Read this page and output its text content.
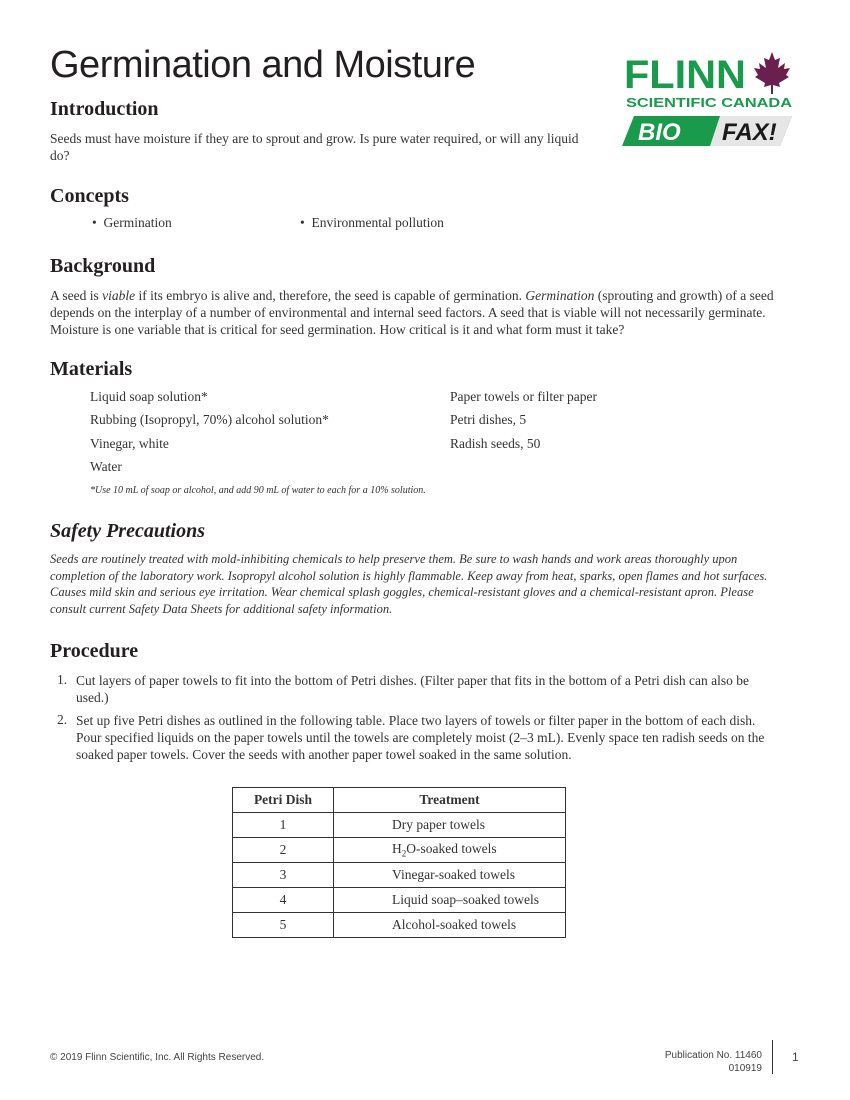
Germination and Moisture	FLINN
SCIENTIFIC CANADA
BIO FAX!
Introduction

Seeds must have moisture if they are to sprout and grow. Is pure water required, or will any liquid do?

Concepts
•  Germination	•  Environmental pollution
Background

A seed is viable if its embryo is alive and, therefore, the seed is capable of germination. Germination (sprouting and growth) of a seed depends on the interplay of a number of environmental and internal seed factors. A seed that is viable will not necessarily germinate. Moisture is one variable that is critical for seed germination. How critical is it and what form must it take?

Materials
Liquid soap solution*
Rubbing (Isopropyl, 70%) alcohol solution*
Vinegar, white
Water
Paper towels or filter paper
Petri dishes, 5
Radish seeds, 50
*Use 10 mL of soap or alcohol, and add 90 mL of water to each for a 10% solution.
Safety Precautions

Seeds are routinely treated with mold-inhibiting chemicals to help preserve them. Be sure to wash hands and work areas thoroughly upon completion of the laboratory work. Isopropyl alcohol solution is highly flammable. Keep away from heat, sparks, open flames and hot surfaces. Causes mild skin and serious eye irritation. Wear chemical splash goggles, chemical-resistant gloves and a chemical-resistant apron. Please consult current Safety Data Sheets for additional safety information.

Procedure
1. Cut layers of paper towels to fit into the bottom of Petri dishes. (Filter paper that fits in the bottom of a Petri dish can also be used.)

2. Set up five Petri dishes as outlined in the following table. Place two layers of towels or filter paper in the bottom of each dish. Pour specified liquids on the paper towels until the towels are completely moist (2–3 mL). Evenly space ten radish seeds on the soaked paper towels. Cover the seeds with another paper towel soaked in the same solution.

Petri Dish	Treatment
1	Dry paper towels
2	$H_2O$-soaked towels
3	Vinegar-soaked towels
4	Liquid soap–soaked towels
5	Alcohol-soaked towels
© 2019 Flinn Scientific, Inc. All Rights Reserved.	Publication No. 11460
010919
1
